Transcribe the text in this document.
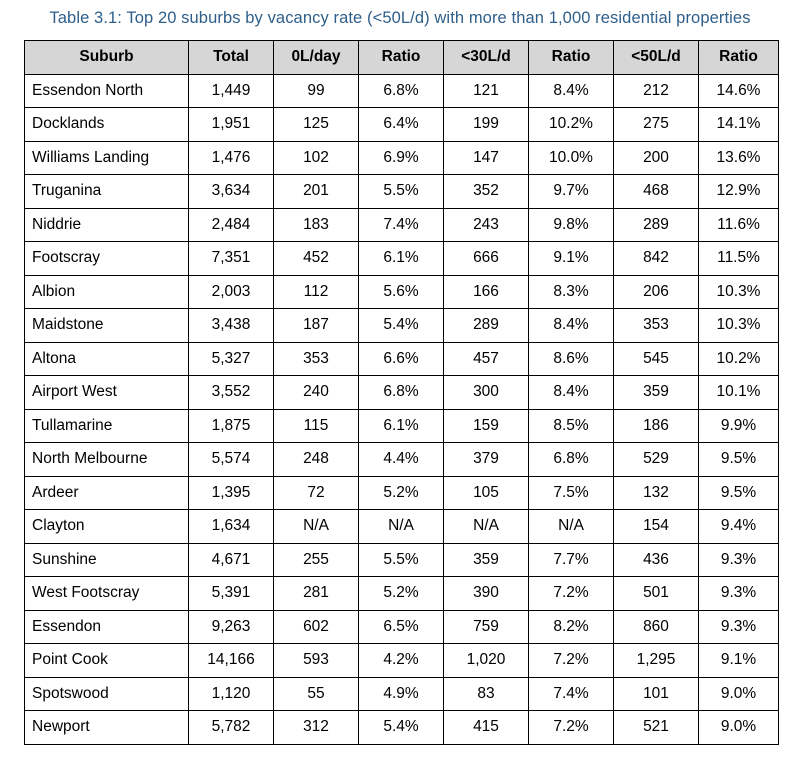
Table 3.1: Top 20 suburbs by vacancy rate (<50L/d) with more than 1,000 residential properties
Suburb	Total	0L/day	Ratio	<30L/d	Ratio	<50L/d	Ratio
Essendon North	1,449	99	6.8%	121	8.4%	212	14.6%
Docklands	1,951	125	6.4%	199	10.2%	275	14.1%
Williams Landing	1,476	102	6.9%	147	10.0%	200	13.6%
Truganina	3,634	201	5.5%	352	9.7%	468	12.9%
Niddrie	2,484	183	7.4%	243	9.8%	289	11.6%
Footscray	7,351	452	6.1%	666	9.1%	842	11.5%
Albion	2,003	112	5.6%	166	8.3%	206	10.3%
Maidstone	3,438	187	5.4%	289	8.4%	353	10.3%
Altona	5,327	353	6.6%	457	8.6%	545	10.2%
Airport West	3,552	240	6.8%	300	8.4%	359	10.1%
Tullamarine	1,875	115	6.1%	159	8.5%	186	9.9%
North Melbourne	5,574	248	4.4%	379	6.8%	529	9.5%
Ardeer	1,395	72	5.2%	105	7.5%	132	9.5%
Clayton	1,634	N/A	N/A	N/A	N/A	154	9.4%
Sunshine	4,671	255	5.5%	359	7.7%	436	9.3%
West Footscray	5,391	281	5.2%	390	7.2%	501	9.3%
Essendon	9,263	602	6.5%	759	8.2%	860	9.3%
Point Cook	14,166	593	4.2%	1,020	7.2%	1,295	9.1%
Spotswood	1,120	55	4.9%	83	7.4%	101	9.0%
Newport	5,782	312	5.4%	415	7.2%	521	9.0%
